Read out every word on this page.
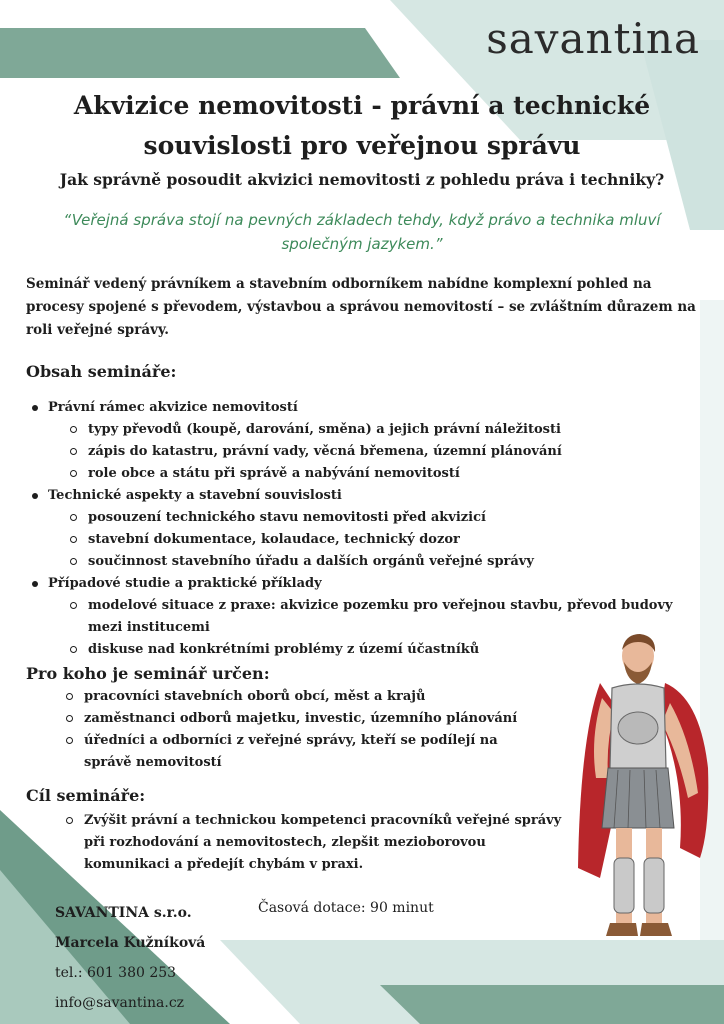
savantina
Akvizice nemovitosti - právní a technické souvislosti pro veřejnou správu

Jak správně posoudit akvizici nemovitosti z pohledu práva i techniky?

“Veřejná správa stojí na pevných základech tehdy, když právo a technika mluví společným jazykem.”

Seminář vedený právníkem a stavebním odborníkem nabídne komplexní pohled na procesy spojené s převodem, výstavbou a správou nemovitostí – se zvláštním důrazem na roli veřejné správy.

Obsah semináře:
Právní rámec akvizice nemovitostí
typy převodů (koupě, darování, směna) a jejich právní náležitosti
zápis do katastru, právní vady, věcná břemena, územní plánování
role obce a státu při správě a nabývání nemovitostí
Technické aspekty a stavební souvislosti
posouzení technického stavu nemovitosti před akvizicí
stavební dokumentace, kolaudace, technický dozor
součinnost stavebního úřadu a dalších orgánů veřejné správy
Případové studie a praktické příklady
modelové situace z praxe: akvizice pozemku pro veřejnou stavbu, převod budovy mezi institucemi
diskuse nad konkrétními problémy z území účastníků
Pro koho je seminář určen:
pracovníci stavebních oborů obcí, měst a krajů
zaměstnanci odborů majetku, investic, územního plánování
úředníci a odborníci z veřejné správy, kteří se podílejí na správě nemovitostí
Cíl semináře:
Zvýšit právní a technickou kompetenci pracovníků veřejné správy při rozhodování a nemovitostech, zlepšit mezioborovou komunikaci a předejít chybám v praxi.
SAVANTINA s.r.o.
Marcela Kužníková
tel.: 601 380 253
info@savantina.cz
Časová dotace: 90 minut
